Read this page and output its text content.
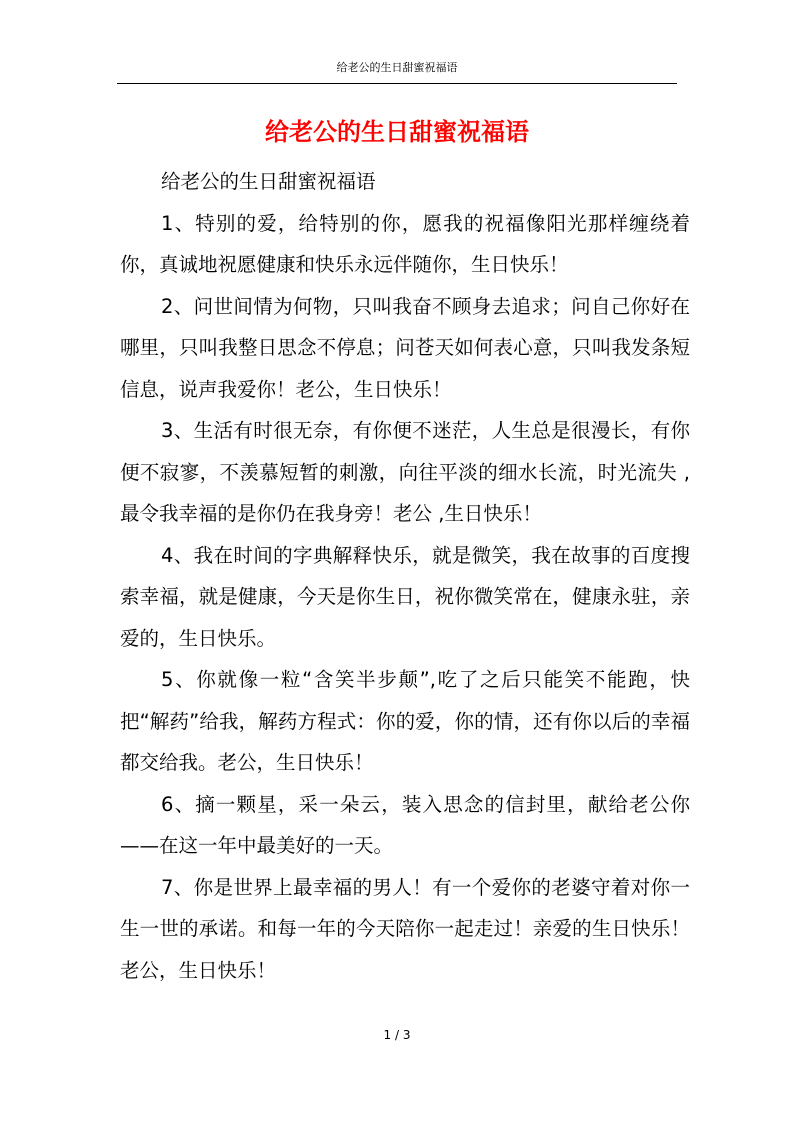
给老公的生日甜蜜祝福语
给老公的生日甜蜜祝福语

给老公的生日甜蜜祝福语

1、特别的爱，给特别的你，愿我的祝福像阳光那样缠绕着你，真诚地祝愿健康和快乐永远伴随你，生日快乐！

2、问世间情为何物，只叫我奋不顾身去追求；问自己你好在哪里，只叫我整日思念不停息；问苍天如何表心意，只叫我发条短信息，说声我爱你！老公，生日快乐！

3、生活有时很无奈，有你便不迷茫，人生总是很漫长，有你便不寂寥，不羡慕短暂的刺激，向往平淡的细水长流，时光流失 ,最令我幸福的是你仍在我身旁！老公 ,生日快乐！

4、我在时间的字典解释快乐，就是微笑，我在故事的百度搜索幸福，就是健康，今天是你生日，祝你微笑常在，健康永驻，亲爱的，生日快乐。

5、你就像一粒“含笑半步颠”,吃了之后只能笑不能跑，快把“解药”给我，解药方程式：你的爱，你的情，还有你以后的幸福都交给我。老公，生日快乐！

6、摘一颗星，采一朵云，装入思念的信封里，献给老公你——在这一年中最美好的一天。

7、你是世界上最幸福的男人！有一个爱你的老婆守着对你一生一世的承诺。和每一年的今天陪你一起走过！亲爱的生日快乐！老公，生日快乐！

1 / 3
